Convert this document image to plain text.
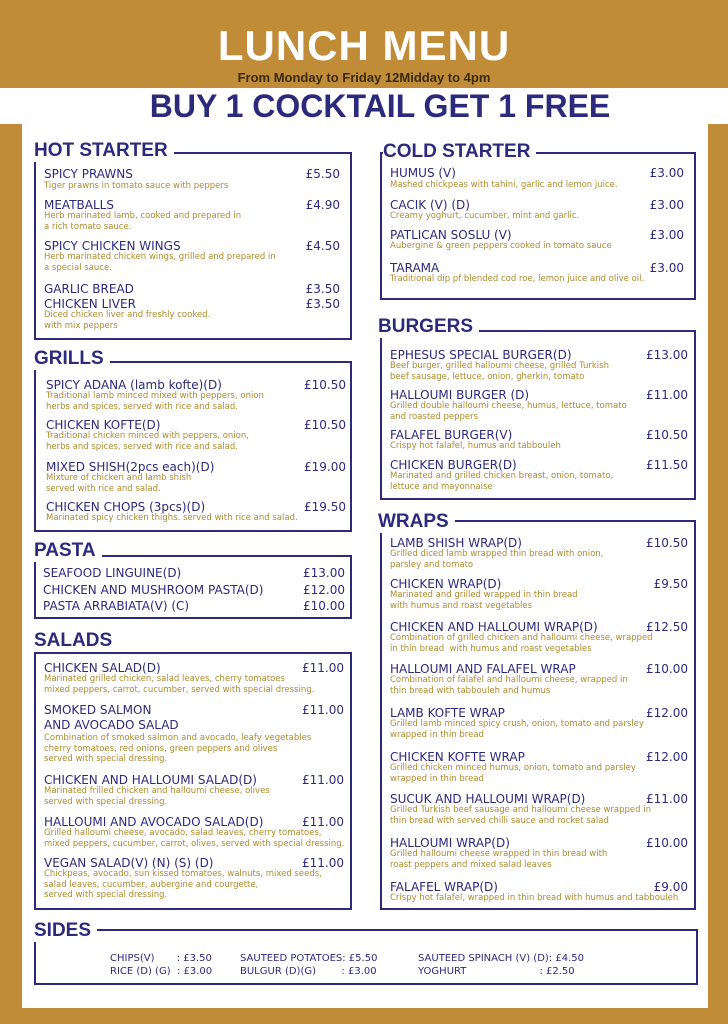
LUNCH MENU
From Monday to Friday 12Midday to 4pm
BUY 1 COCKTAIL GET 1 FREE
HOT STARTER
GRILLS
PASTA
SALADS
COLD STARTER
BURGERS
WRAPS
SIDES
SPICY PRAWNS	£5.50
Tiger prawns in tomato sauce with peppers
MEATBALLS	£4.90
Herb marinated lamb, cooked and prepared in
a rich tomato sauce.
SPICY CHICKEN WINGS	£4.50
Herb marinated chicken wings, grilled and prepared in
a special sauce.
GARLIC BREAD	£3.50
CHICKEN LIVER	£3.50
Diced chicken liver and freshly cooked.
with mix peppers
SPICY ADANA (lamb kofte)(D)	£10.50
Traditional lamb minced mixed with peppers, onion
herbs and spices, served with rice and salad.
CHICKEN KOFTE(D)	£10.50
Traditional chicken minced with peppers, onion,
herbs and spices, served with rice and salad.
MIXED SHISH(2pcs each)(D)	£19.00
Mixture of chicken and lamb shish
served with rice and salad.
CHICKEN CHOPS (3pcs)(D)	£19.50
Marinated spicy chicken thighs. served with rice and salad.
SEAFOOD LINGUINE(D)	£13.00
CHICKEN AND MUSHROOM PASTA(D)	£12.00
PASTA ARRABIATA(V) (C)	£10.00
CHICKEN SALAD(D)	£11.00
Marinated grilled chicken, salad leaves, cherry tomatoes
mixed peppers, carrot, cucumber, served with special dressing.
SMOKED SALMON
AND AVOCADO SALAD
£11.00
Combination of smoked salmon and avocado, leafy vegetables
cherry tomatoes, red onions, green peppers and olives
served with special dressing.
CHICKEN AND HALLOUMI SALAD(D)	£11.00
Marinated frilled chicken and halloumi cheese, olives
served with special dressing.
HALLOUMI AND AVOCADO SALAD(D)	£11.00
Grilled halloumi cheese, avocado, salad leaves, cherry tomatoes,
mixed peppers, cucumber, carrot, olives, served with special dressing.
VEGAN SALAD(V) (N) (S) (D)	£11.00
Chickpeas, avocado, sun kissed tomatoes, walnuts, mixed seeds,
salad leaves, cucumber, aubergine and courgette,
served with special dressing.
HUMUS (V)	£3.00
Mashed chickpeas with tahini, garlic and lemon juice.
CACIK (V) (D)	£3.00
Creamy yoghurt, cucumber, mint and garlic.
PATLICAN SOSLU (V)	£3.00
Aubergine & green peppers cooked in tomato sauce
TARAMA	£3.00
Traditional dip pf blended cod roe, lemon juice and olive oil.
EPHESUS SPECIAL BURGER(D)	£13.00
Beef burger, grilled halloumi cheese, grilled Turkish
beef sausage, lettuce, onion, gherkin, tomato
HALLOUMI BURGER (D)	£11.00
Grilled double halloumi cheese, humus, lettuce, tomato
and roasted peppers
FALAFEL BURGER(V)	£10.50
Crispy hot falafel, humus and tabbouleh
CHICKEN BURGER(D)	£11.50
Marinated and grilled chicken breast, onion, tomato,
lettuce and mayonnaise
LAMB SHISH WRAP(D)	£10.50
Grilled diced lamb wrapped thin bread with onion,
parsley and tomato
CHICKEN WRAP(D)	£9.50
Marinated and grilled wrapped in thin bread
with humus and roast vegetables
CHICKEN AND HALLOUMI WRAP(D)	£12.50
Combination of grilled chicken and halloumi cheese, wrapped
in thin bread  with humus and roast vegetables
HALLOUMI AND FALAFEL WRAP	£10.00
Combination of falafel and halloumi cheese, wrapped in
thin bread with tabbouleh and humus
LAMB KOFTE WRAP	£12.00
Grilled lamb minced spicy crush, onion, tomato and parsley
wrapped in thin bread
CHICKEN KOFTE WRAP	£12.00
Grilled chicken minced humus, onion, tomato and parsley
wrapped in thin bread
SUCUK AND HALLOUMI WRAP(D)	£11.00
Grilled Turkish beef sausage and halloumi cheese wrapped in
thin bread with served chilli sauce and rocket salad
HALLOUMI WRAP(D)	£10.00
Grilled halloumi cheese wrapped in thin bread with
roast peppers and mixed salad leaves
FALAFEL WRAP(D)	£9.00
Crispy hot falafel, wrapped in thin bread with humus and tabbouleh
CHIPS(V)       : £3.50
RICE (D) (G)  : £3.00
SAUTEED POTATOES: £5.50
BULGUR (D)(G)        : £3.00
SAUTEED SPINACH (V) (D): £4.50
YOGHURT                       : £2.50
